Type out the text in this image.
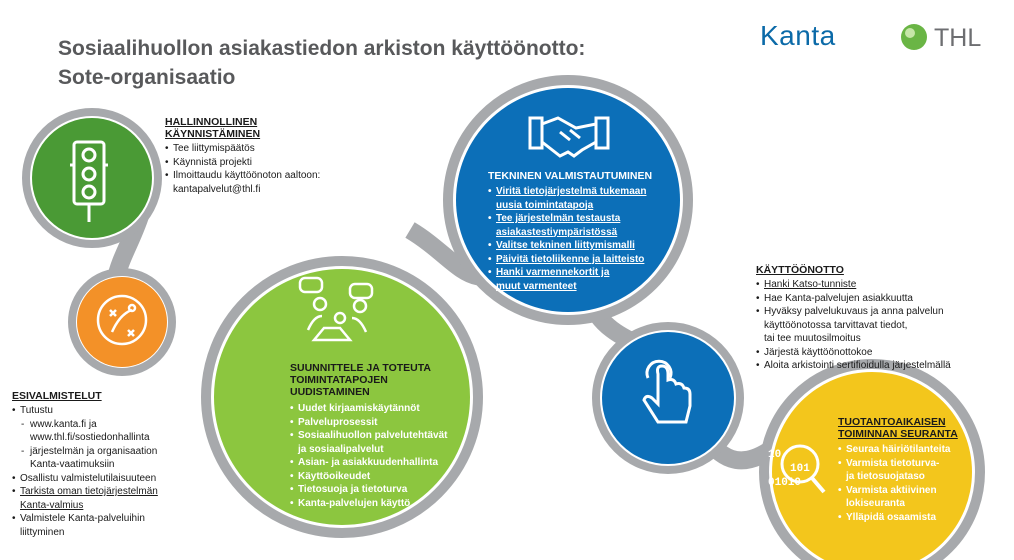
Sosiaalihuollon asiakastiedon arkiston käyttöönotto:
Sote-organisaatio
Kanta	THL
10
101
01010
HALLINNOLLINEN
KÄYNNISTÄMINEN
• Tee liittymispäätös
• Käynnistä projekti
• Ilmoittaudu käyttöönoton aaltoon:
kantapalvelut@thl.fi
ESIVALMISTELUT
• Tutustu
- www.kanta.fi ja
www.thl.fi/sostiedonhallinta
- järjestelmän ja organisaation
Kanta-vaatimuksiin
• Osallistu valmistelutilaisuuteen
• Tarkista oman tietojärjestelmän
Kanta-valmius
• Valmistele Kanta-palveluihin
liittyminen
SUUNNITTELE JA TOTEUTA
TOIMINTATAPOJEN
UUDISTAMINEN
• Uudet kirjaamiskäytännöt
• Palveluprosessit
• Sosiaalihuollon palvelutehtävät
ja sosiaalipalvelut
• Asian- ja asiakkuudenhallinta
• Käyttöoikeudet
• Tietosuoja ja tietoturva
• Kanta-palvelujen käyttö
TEKNINEN VALMISTAUTUMINEN
• Viritä tietojärjestelmä tukemaan
uusia toimintatapoja
• Tee järjestelmän testausta
asiakastestiympäristössä
• Valitse tekninen liittymismalli
• Päivitä tietoliikenne ja laitteisto
• Hanki varmennekortit ja
muut varmenteet
KÄYTTÖÖNOTTO
• Hanki Katso-tunniste
• Hae Kanta-palvelujen asiakkuutta
• Hyväksy palvelukuvaus ja anna palvelun
käyttöönotossa tarvittavat tiedot,
tai tee muutosilmoitus
• Järjestä käyttöönottokoe
• Aloita arkistointi sertifioidulla järjestelmällä
TUOTANTOAIKAISEN
TOIMINNAN SEURANTA
• Seuraa häiriötilanteita
• Varmista tietoturva-
ja tietosuojataso
• Varmista aktiivinen
lokiseuranta
• Ylläpidä osaamista
